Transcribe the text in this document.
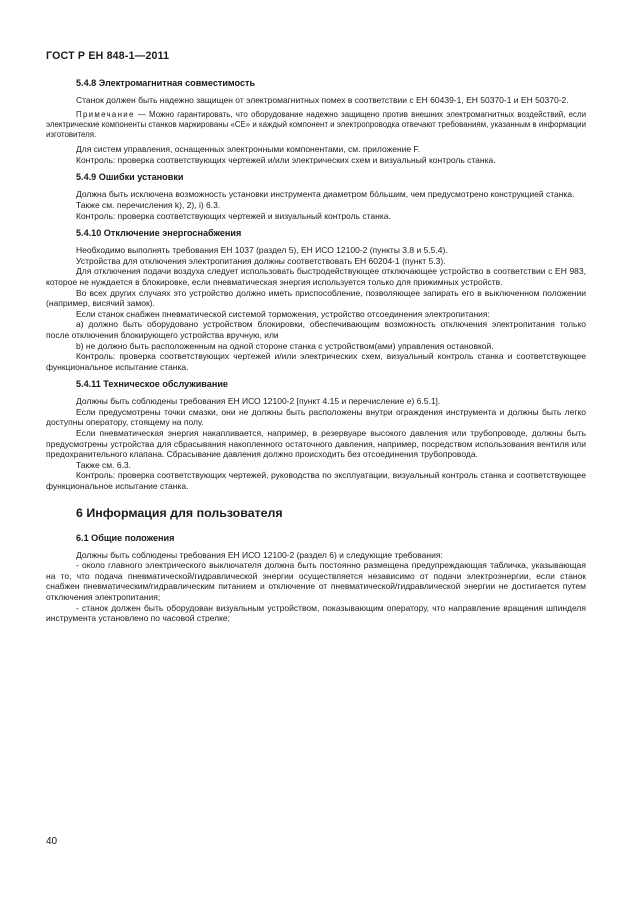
ГОСТ Р ЕН 848-1—2011
5.4.8 Электромагнитная совместимость

Станок должен быть надежно защищен от электромагнитных помех в соответствии с ЕН 60439-1, ЕН 50370-1 и ЕН 50370-2.

Примечание — Можно гарантировать, что оборудование надежно защищено против внешних электромагнитных воздействий, если электрические компоненты станков маркированы «СЕ» и каждый компонент и электропроводка отвечают требованиям, указанным в информации изготовителя.

Для систем управления, оснащенных электронными компонентами, см. приложение F.

Контроль: проверка соответствующих чертежей и/или электрических схем и визуальный контроль станка.

5.4.9 Ошибки установки

Должна быть исключена возможность установки инструмента диаметром бо́льшим, чем предусмотрено конструкцией станка.

Также см. перечисления k), 2), i) 6.3.

Контроль: проверка соответствующих чертежей и визуальный контроль станка.

5.4.10 Отключение энергоснабжения

Необходимо выполнять требования ЕН 1037 (раздел 5), ЕН ИСО 12100-2 (пункты 3.8 и 5.5.4).

Устройства для отключения электропитания должны соответствовать ЕН 60204-1 (пункт 5.3).

Для отключения подачи воздуха следует использовать быстродействующее отключающее устройство в соответствии с ЕН 983, которое не нуждается в блокировке, если пневматическая энергия используется только для прижимных устройств.

Во всех других случаях это устройство должно иметь приспособление, позволяющее запирать его в выключенном положении (например, висячий замок).

Если станок снабжен пневматической системой торможения, устройство отсоединения электропитания:

a) должно быть оборудовано устройством блокировки, обеспечивающим возможность отключения электропитания только после отключения блокирующего устройства вручную, или

b) не должно быть расположенным на одной стороне станка с устройством(ами) управления остановкой.

Контроль: проверка соответствующих чертежей и/или электрических схем, визуальный контроль станка и соответствующее функциональное испытание станка.

5.4.11 Техническое обслуживание

Должны быть соблюдены требования ЕН ИСО 12100-2 [пункт 4.15 и перечисление е) 6.5.1].

Если предусмотрены точки смазки, они не должны быть расположены внутри ограждения инструмента и должны быть легко доступны оператору, стоящему на полу.

Если пневматическая энергия накапливается, например, в резервуаре высокого давления или трубопроводе, должны быть предусмотрены устройства для сбрасывания накопленного остаточного давления, например, посредством использования вентиля или предохранительного клапана. Сбрасывание давления должно происходить без отсоединения трубопровода.

Также см. 6.3.

Контроль: проверка соответствующих чертежей, руководства по эксплуатации, визуальный контроль станка и соответствующее функциональное испытание станка.

6 Информация для пользователя
6.1 Общие положения

Должны быть соблюдены требования ЕН ИСО 12100-2 (раздел 6) и следующие требования:

- около главного электрического выключателя должна быть постоянно размещена предупреждающая табличка, указывающая на то, что подача пневматической/гидравлической энергии осуществляется независимо от подачи электроэнергии, если станок снабжен пневматическим/гидравлическим питанием и отключение от пневматической/гидравлической энергии не достигается путем отключения электропитания;

- станок должен быть оборудован визуальным устройством, показывающим оператору, что направление вращения шпинделя инструмента установлено по часовой стрелке;

40
